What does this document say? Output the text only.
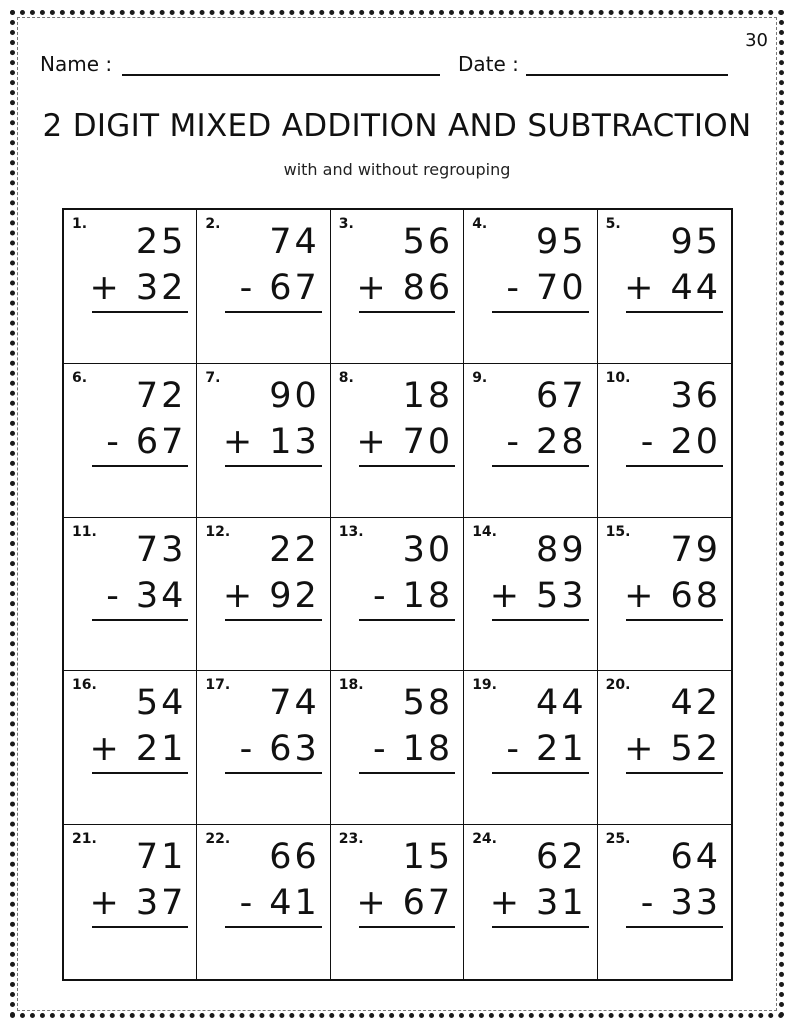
30
Name :	Date :
2 DIGIT MIXED ADDITION AND SUBTRACTION
with and without regrouping
1. 25
+ 32
2. 74
- 67
3. 56
+ 86
4. 95
- 70
5. 95
+ 44
6. 72
- 67
7. 90
+ 13
8. 18
+ 70
9. 67
- 28
10. 36
- 20
11. 73
- 34
12. 22
+ 92
13. 30
- 18
14. 89
+ 53
15. 79
+ 68
16. 54
+ 21
17. 74
- 63
18. 58
- 18
19. 44
- 21
20. 42
+ 52
21. 71
+ 37
22. 66
- 41
23. 15
+ 67
24. 62
+ 31
25. 64
- 33
